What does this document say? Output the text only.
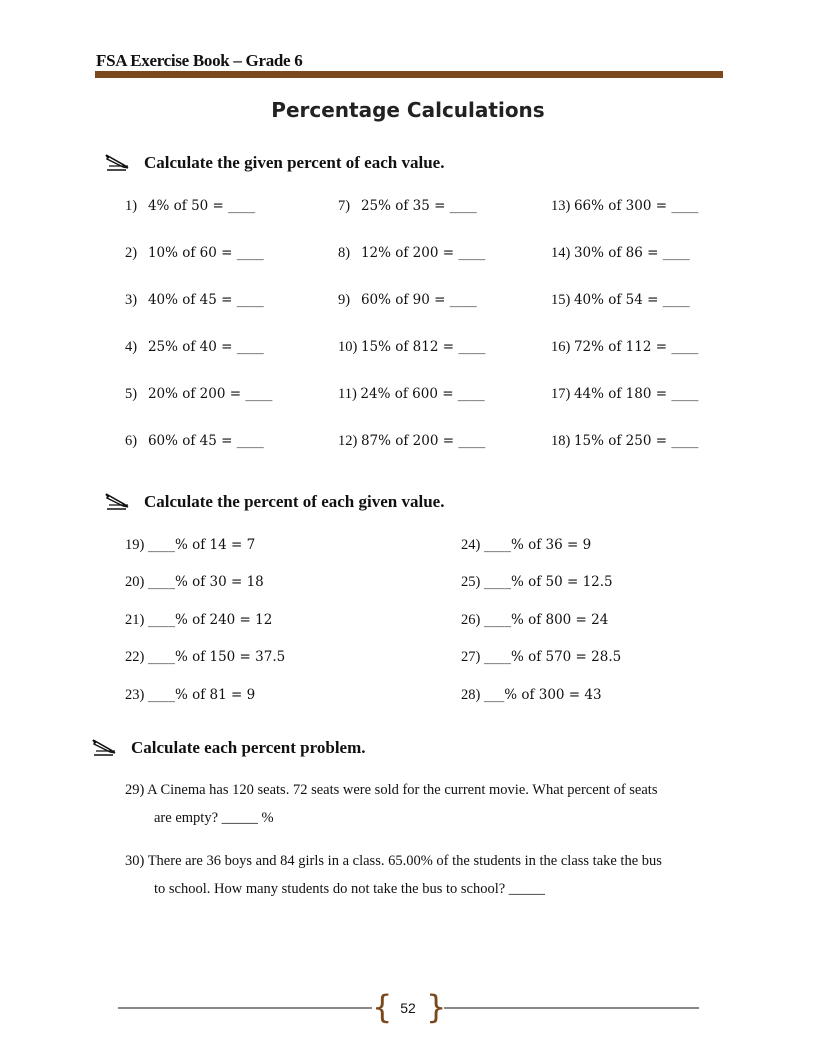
FSA Exercise Book – Grade 6
Percentage Calculations
Calculate the given percent of each value.
1) 4% of 50 = ____
2) 10% of 60 = ____
3) 40% of 45 = ____
4) 25% of 40 = ____
5) 20% of 200 = ____
6) 60% of 45 = ____
7) 25% of 35 = ____
8) 12% of 200 = ____
9) 60% of 90 = ____
10) 15% of 812 = ____
11) 24% of 600 = ____
12) 87% of 200 = ____
13) 66% of 300 = ____
14) 30% of 86 = ____
15) 40% of 54 = ____
16) 72% of 112 = ____
17) 44% of 180 = ____
18) 15% of 250 = ____
Calculate the percent of each given value.
19) ____% of 14 = 7
20) ____% of 30 = 18
21) ____% of 240 = 12
22) ____% of 150 = 37.5
23) ____% of 81 = 9
24) ____% of 36 = 9
25) ____% of 50 = 12.5
26) ____% of 800 = 24
27) ____% of 570 = 28.5
28) ___% of 300 = 43
Calculate each percent problem.
29) A Cinema has 120 seats. 72 seats were sold for the current movie. What percent of seats
are empty? _____ %
30) There are 36 boys and 84 girls in a class. 65.00% of the students in the class take the bus
to school. How many students do not take the bus to school? _____
{ }
52
